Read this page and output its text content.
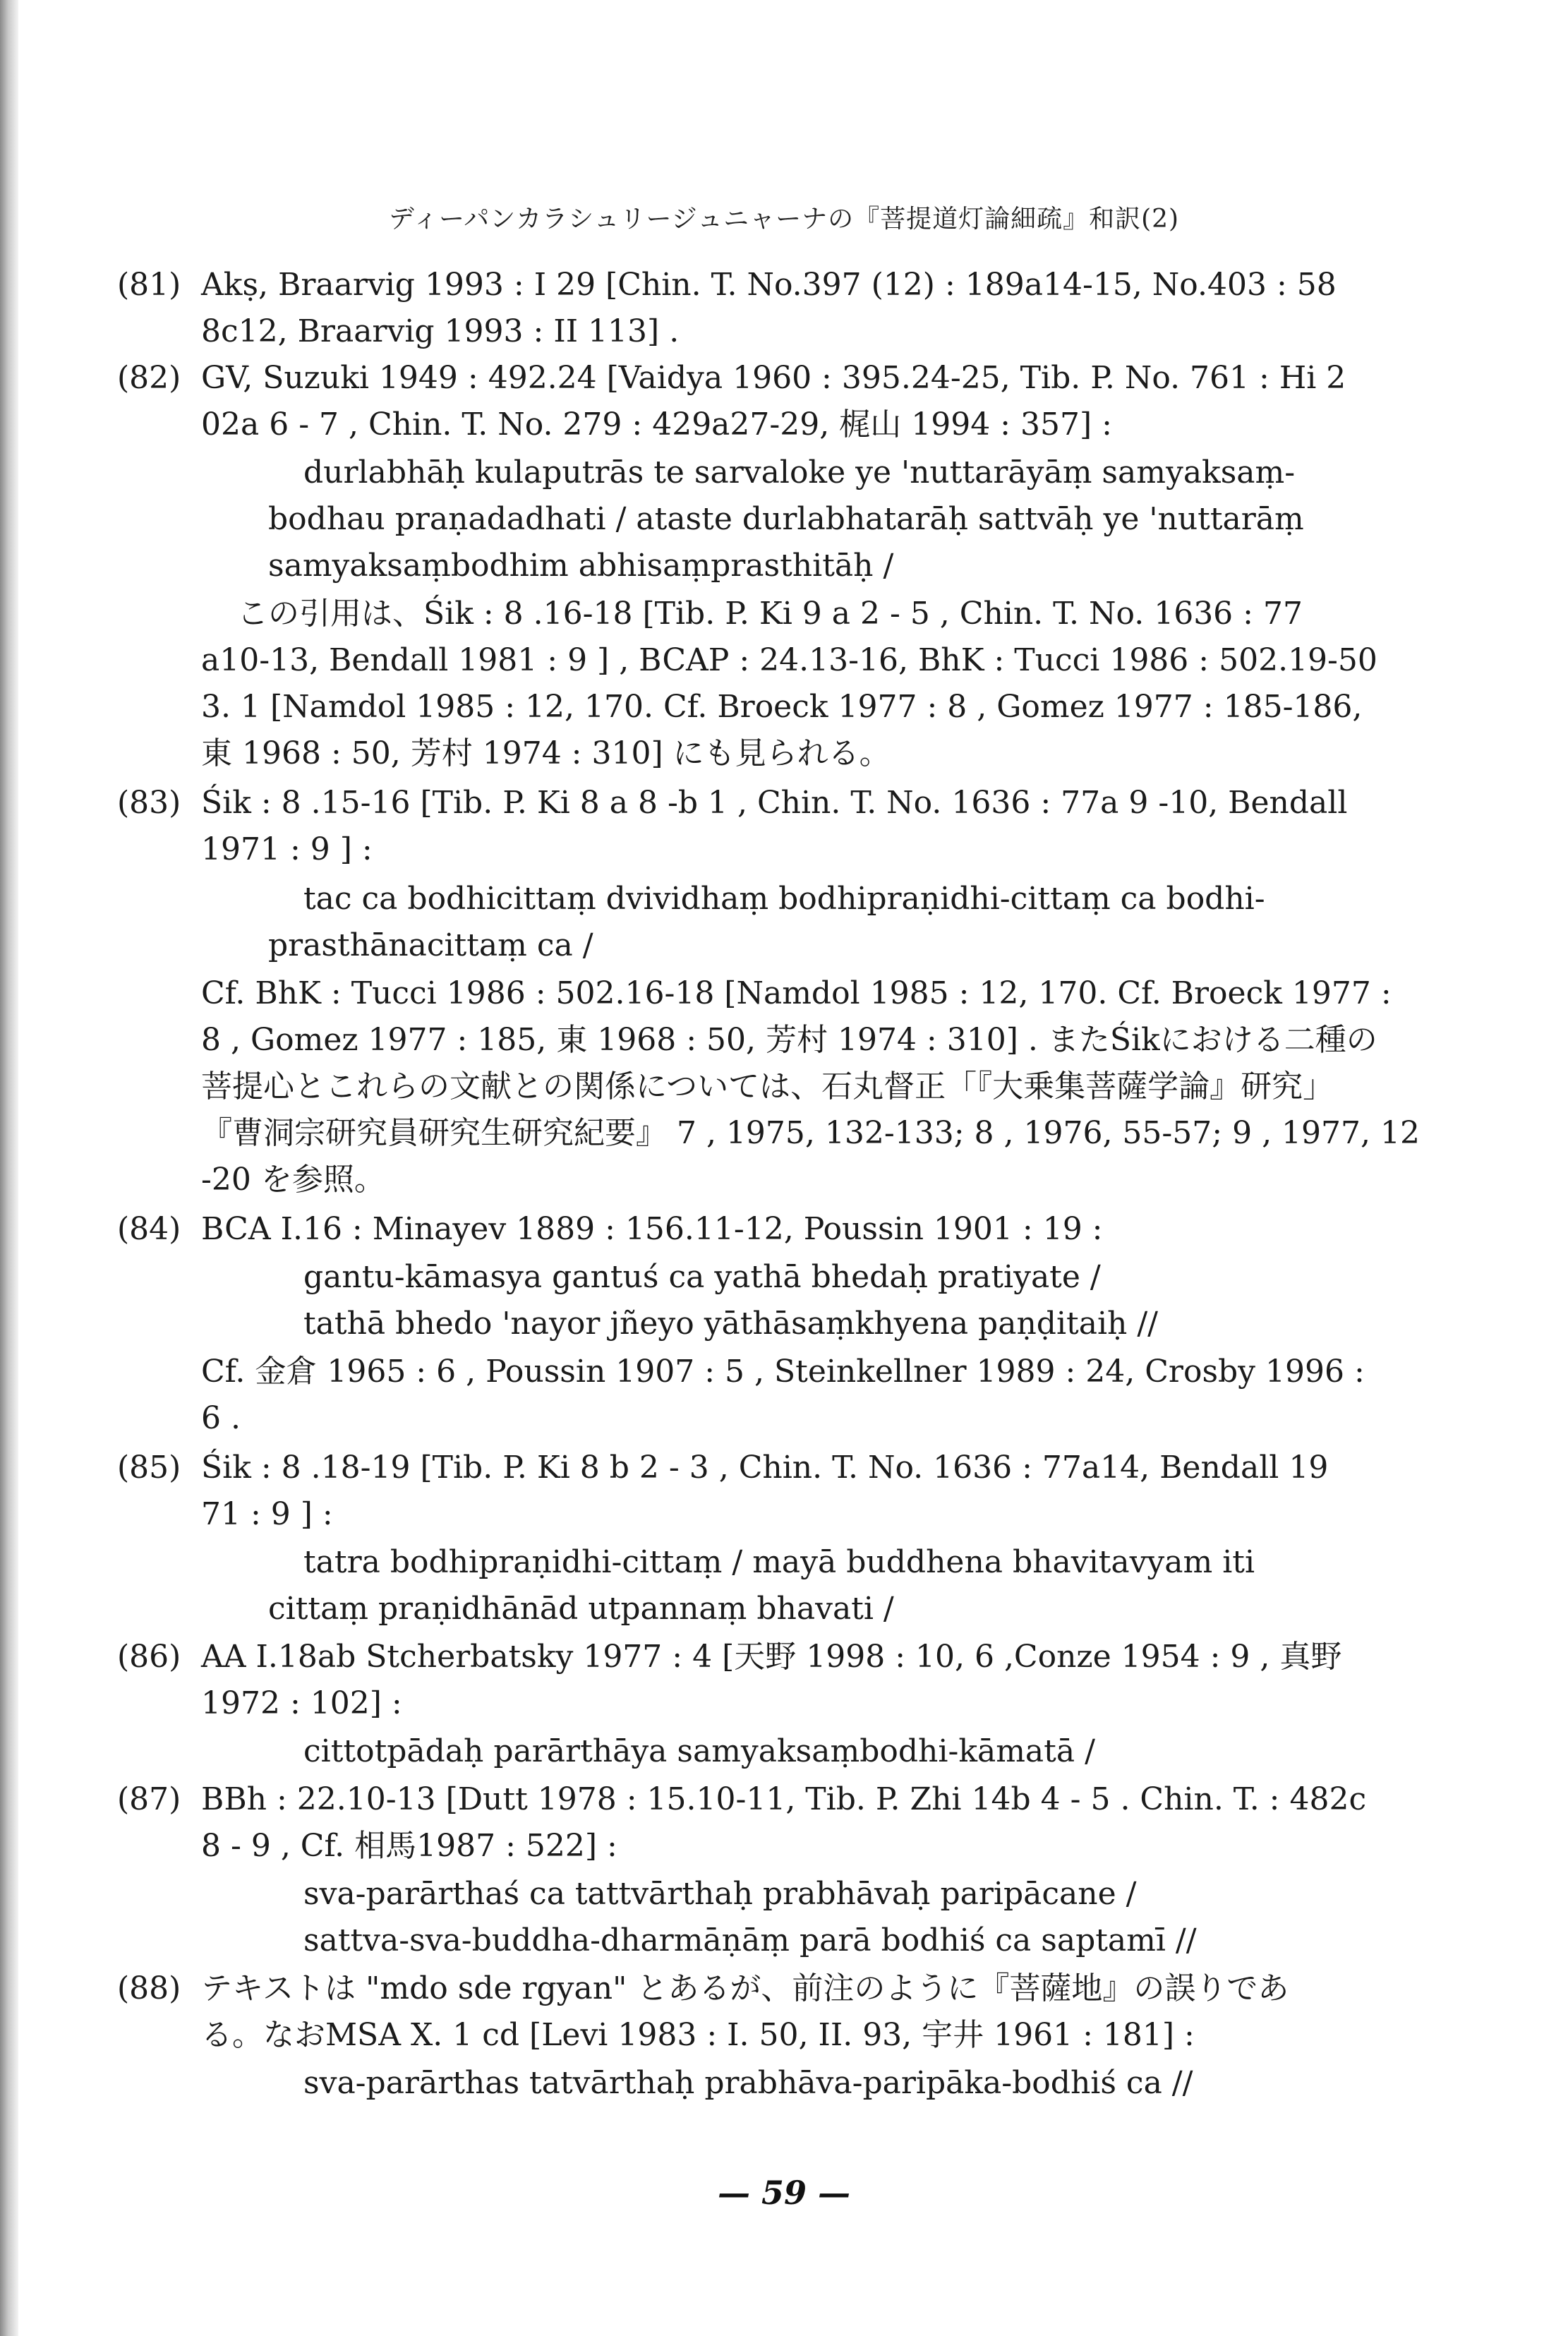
ディーパンカラシュリージュニャーナの『菩提道灯論細疏』和訳(2)
(81) Akṣ, Braarvig 1993 : I 29 [Chin. T. No.397 (12) : 189a14-15, No.403 : 58
8c12, Braarvig 1993 : II 113] .
(82) GV, Suzuki 1949 : 492.24 [Vaidya 1960 : 395.24-25, Tib. P. No. 761 : Hi 2
02a 6 - 7 , Chin. T. No. 279 : 429a27-29, 梶山 1994 : 357] :
durlabhāḥ kulaputrās te sarvaloke ye 'nuttarāyāṃ samyaksaṃ-
bodhau praṇadadhati / ataste durlabhatarāḥ sattvāḥ ye 'nuttarāṃ
samyaksaṃbodhim abhisaṃprasthitāḥ /
この引用は、Śik : 8 .16-18 [Tib. P. Ki 9 a 2 - 5 , Chin. T. No. 1636 : 77
a10-13, Bendall 1981 : 9 ] , BCAP : 24.13-16, BhK : Tucci 1986 : 502.19-50
3. 1 [Namdol 1985 : 12, 170. Cf. Broeck 1977 : 8 , Gomez 1977 : 185-186,
東 1968 : 50, 芳村 1974 : 310] にも見られる。
(83) Śik : 8 .15-16 [Tib. P. Ki 8 a 8 -b 1 , Chin. T. No. 1636 : 77a 9 -10, Bendall
1971 : 9 ] :
tac ca bodhicittaṃ dvividhaṃ bodhipraṇidhi-cittaṃ ca bodhi-
prasthānacittaṃ ca /
Cf. BhK : Tucci 1986 : 502.16-18 [Namdol 1985 : 12, 170. Cf. Broeck 1977 :
8 , Gomez 1977 : 185, 東 1968 : 50, 芳村 1974 : 310] . またŚikにおける二種の
菩提心とこれらの文献との関係については、石丸督正「『大乗集菩薩学論』研究」
『曹洞宗研究員研究生研究紀要』 7 , 1975, 132-133; 8 , 1976, 55-57; 9 , 1977, 12
-20 を参照。
(84) BCA I.16 : Minayev 1889 : 156.11-12, Poussin 1901 : 19 :
gantu-kāmasya gantuś ca yathā bhedaḥ pratiyate /
tathā bhedo 'nayor jñeyo yāthāsaṃkhyena paṇḍitaiḥ //
Cf. 金倉 1965 : 6 , Poussin 1907 : 5 , Steinkellner 1989 : 24, Crosby 1996 :
6 .
(85) Śik : 8 .18-19 [Tib. P. Ki 8 b 2 - 3 , Chin. T. No. 1636 : 77a14, Bendall 19
71 : 9 ] :
tatra bodhipraṇidhi-cittaṃ / mayā buddhena bhavitavyam iti
cittaṃ praṇidhānād utpannaṃ bhavati /
(86) AA I.18ab Stcherbatsky 1977 : 4 [天野 1998 : 10, 6 ,Conze 1954 : 9 , 真野
1972 : 102] :
cittotpādaḥ parārthāya samyaksaṃbodhi-kāmatā /
(87) BBh : 22.10-13 [Dutt 1978 : 15.10-11, Tib. P. Zhi 14b 4 - 5 . Chin. T. : 482c
8 - 9 , Cf. 相馬1987 : 522] :
sva-parārthaś ca tattvārthaḥ prabhāvaḥ paripācane /
sattva-sva-buddha-dharmāṇāṃ parā bodhiś ca saptamī //
(88) テキストは "mdo sde rgyan" とあるが、前注のように『菩薩地』の誤りであ
る。なおMSA X. 1 cd [Levi 1983 : I. 50, II. 93, 宇井 1961 : 181] :
sva-parārthas tatvārthaḥ prabhāva-paripāka-bodhiś ca //
— 59 —
